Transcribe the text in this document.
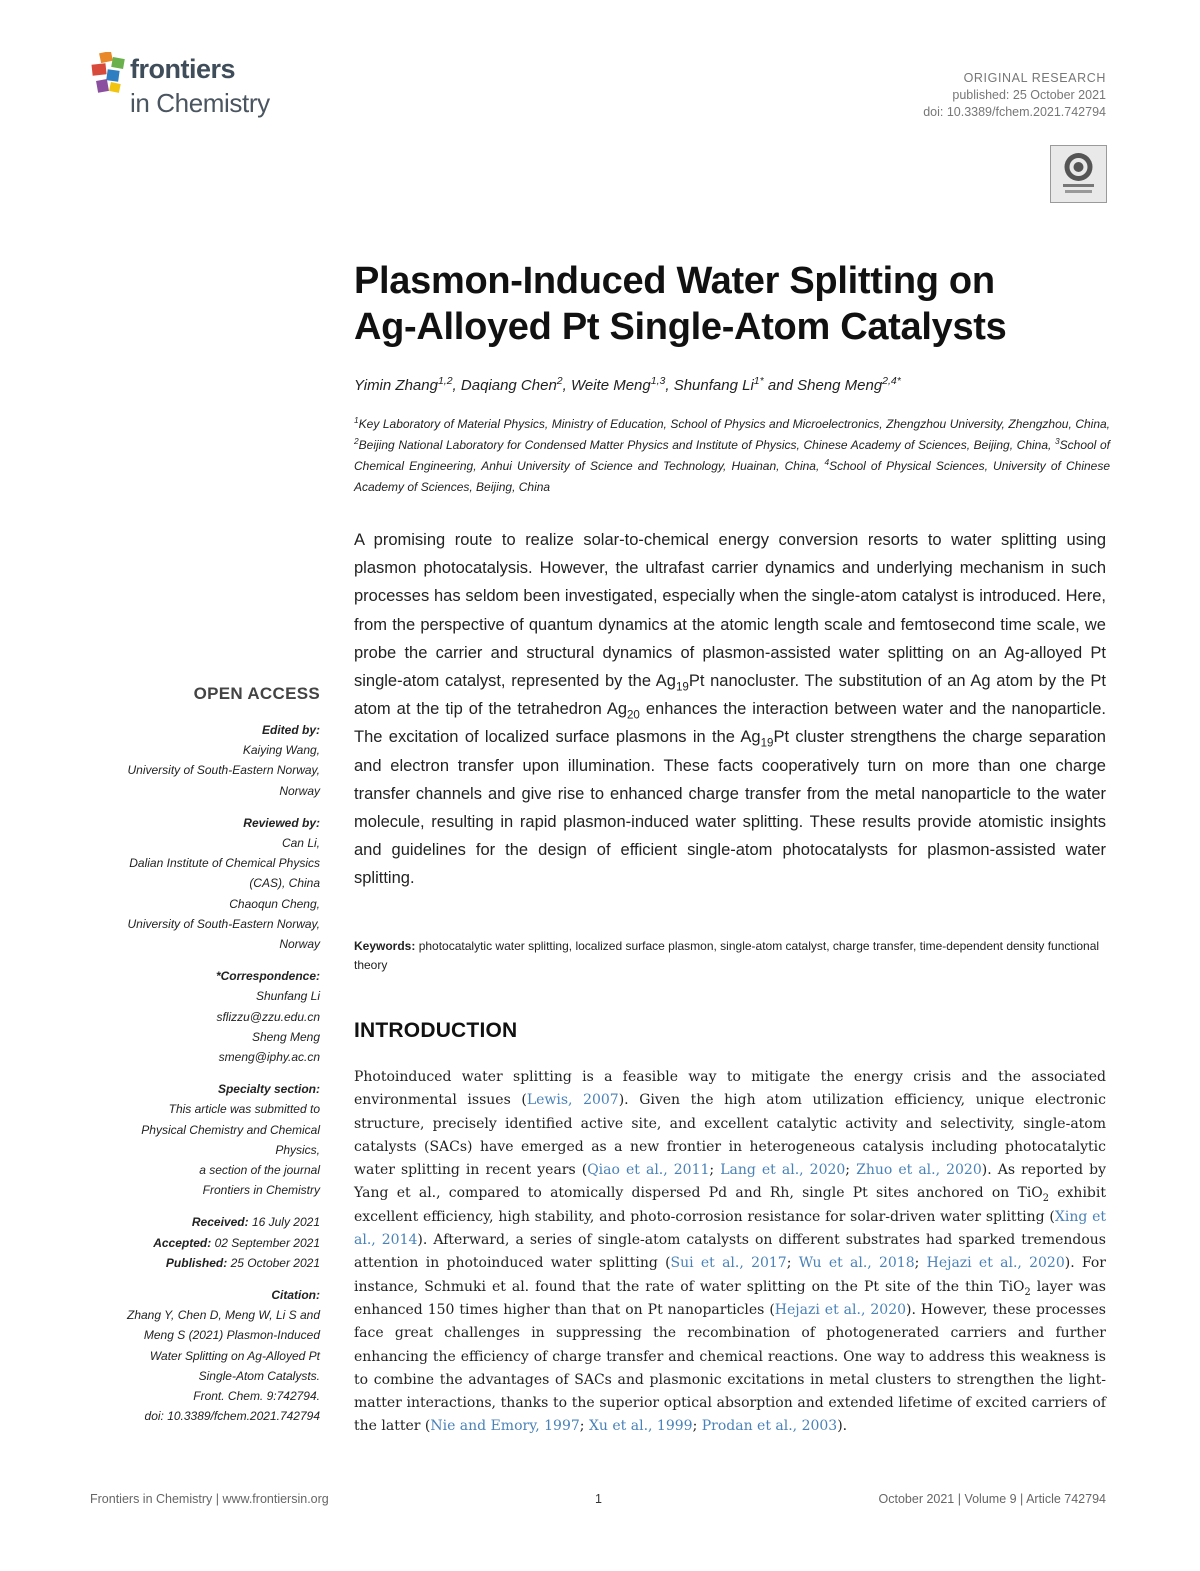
frontiers
in Chemistry
ORIGINAL RESEARCH
published: 25 October 2021
doi: 10.3389/fchem.2021.742794
Plasmon-Induced Water Splitting on
Ag-Alloyed Pt Single-Atom Catalysts
Yimin Zhang$^{1,2}$, Daqiang Chen$^2$, Weite Meng$^{1,3}$, Shunfang $Li^{1*}$ and Sheng Meng$^{2,4*}$
$^1$Key Laboratory of Material Physics, Ministry of Education, School of Physics and Microelectronics, Zhengzhou University, Zhengzhou, China, $^2$Beijing National Laboratory for Condensed Matter Physics and Institute of Physics, Chinese Academy of Sciences, Beijing, China, $^3$School of Chemical Engineering, Anhui University of Science and Technology, Huainan, China, $^4$School of Physical Sciences, University of Chinese Academy of Sciences, Beijing, China
A promising route to realize solar-to-chemical energy conversion resorts to water splitting using plasmon photocatalysis. However, the ultrafast carrier dynamics and underlying mechanism in such processes has seldom been investigated, especially when the single-atom catalyst is introduced. Here, from the perspective of quantum dynamics at the atomic length scale and femtosecond time scale, we probe the carrier and structural dynamics of plasmon-assisted water splitting on an Ag-alloyed Pt single-atom catalyst, represented by the $Ag_{19}Pt$ nanocluster. The substitution of an Ag atom by the Pt atom at the tip of the tetrahedron $Ag_{20}$ enhances the interaction between water and the nanoparticle. The excitation of localized surface plasmons in the $Ag_{19}Pt$ cluster strengthens the charge separation and electron transfer upon illumination. These facts cooperatively turn on more than one charge transfer channels and give rise to enhanced charge transfer from the metal nanoparticle to the water molecule, resulting in rapid plasmon-induced water splitting. These results provide atomistic insights and guidelines for the design of efficient single-atom photocatalysts for plasmon-assisted water splitting.
Keywords: photocatalytic water splitting, localized surface plasmon, single-atom catalyst, charge transfer, time-dependent density functional theory
INTRODUCTION
Photoinduced water splitting is a feasible way to mitigate the energy crisis and the associated environmental issues (Lewis, 2007). Given the high atom utilization efficiency, unique electronic structure, precisely identified active site, and excellent catalytic activity and selectivity, single-atom catalysts (SACs) have emerged as a new frontier in heterogeneous catalysis including photocatalytic water splitting in recent years (Qiao et al., 2011; Lang et al., 2020; Zhuo et al., 2020). As reported by Yang et al., compared to atomically dispersed Pd and Rh, single Pt sites anchored on TiO$_2$ exhibit excellent efficiency, high stability, and photo-corrosion resistance for solar-driven water splitting (Xing et al., 2014). Afterward, a series of single-atom catalysts on different substrates had sparked tremendous attention in photoinduced water splitting (Sui et al., 2017; Wu et al., 2018; Hejazi et al., 2020). For instance, Schmuki et al. found that the rate of water splitting on the Pt site of the thin TiO$_2$ layer was enhanced 150 times higher than that on Pt nanoparticles (Hejazi et al., 2020). However, these processes face great challenges in suppressing the recombination of photogenerated carriers and further enhancing the efficiency of charge transfer and chemical reactions. One way to address this weakness is to combine the advantages of SACs and plasmonic excitations in metal clusters to strengthen the light-matter interactions, thanks to the superior optical absorption and extended lifetime of excited carriers of the latter (Nie and Emory, 1997; Xu et al., 1999; Prodan et al., 2003).
OPEN ACCESS
Edited by:
Kaiying Wang,
University of South-Eastern Norway,
Norway
Reviewed by:
Can Li,
Dalian Institute of Chemical Physics
(CAS), China
Chaoqun Cheng,
University of South-Eastern Norway,
Norway
*Correspondence:
Shunfang Li
sflizzu@zzu.edu.cn
Sheng Meng
smeng@iphy.ac.cn
Specialty section:
This article was submitted to
Physical Chemistry and Chemical
Physics,
a section of the journal
Frontiers in Chemistry
Received: 16 July 2021
Accepted: 02 September 2021
Published: 25 October 2021
Citation:
Zhang Y, Chen D, Meng W, Li S and
Meng S (2021) Plasmon-Induced
Water Splitting on Ag-Alloyed Pt
Single-Atom Catalysts.
Front. Chem. 9:742794.
doi: 10.3389/fchem.2021.742794
Frontiers in Chemistry | www.frontiersin.org	1	October 2021 | Volume 9 | Article 742794
